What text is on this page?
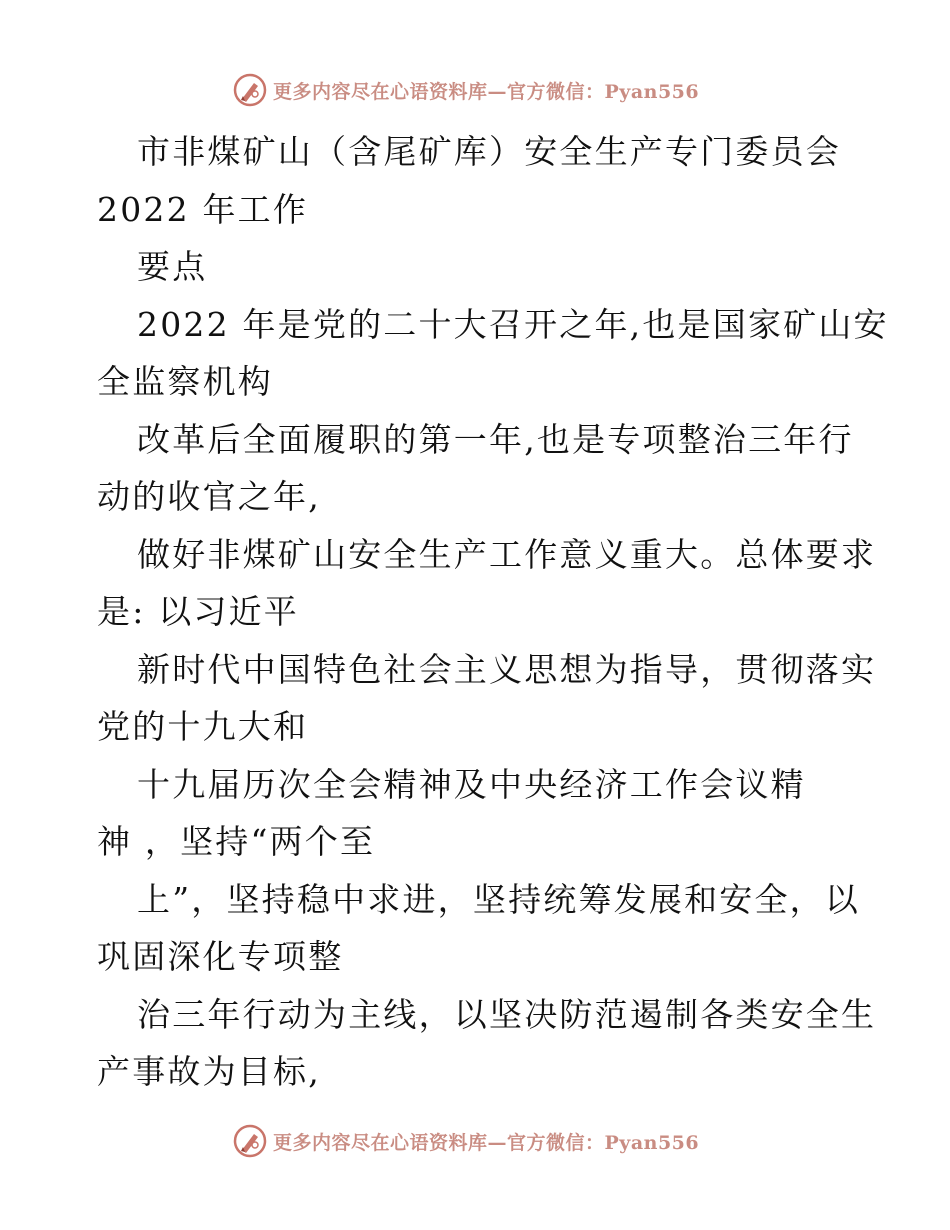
更多内容尽在心语资料库—官方微信：Pyan556
市非煤矿山（含尾矿库）安全生产专门委员会
2022 年工作
要点
2022 年是党的二十大召开之年,也是国家矿山安
全监察机构
改革后全面履职的第一年,也是专项整治三年行
动的收官之年,
做好非煤矿山安全生产工作意义重大。总体要求
是: 以习近平
新时代中国特色社会主义思想为指导，贯彻落实
党的十九大和
十九届历次全会精神及中央经济工作会议精
神 ，坚持“两个至
上”，坚持稳中求进，坚持统筹发展和安全，以
巩固深化专项整
治三年行动为主线，以坚决防范遏制各类安全生
产事故为目标,
更多内容尽在心语资料库—官方微信：Pyan556
